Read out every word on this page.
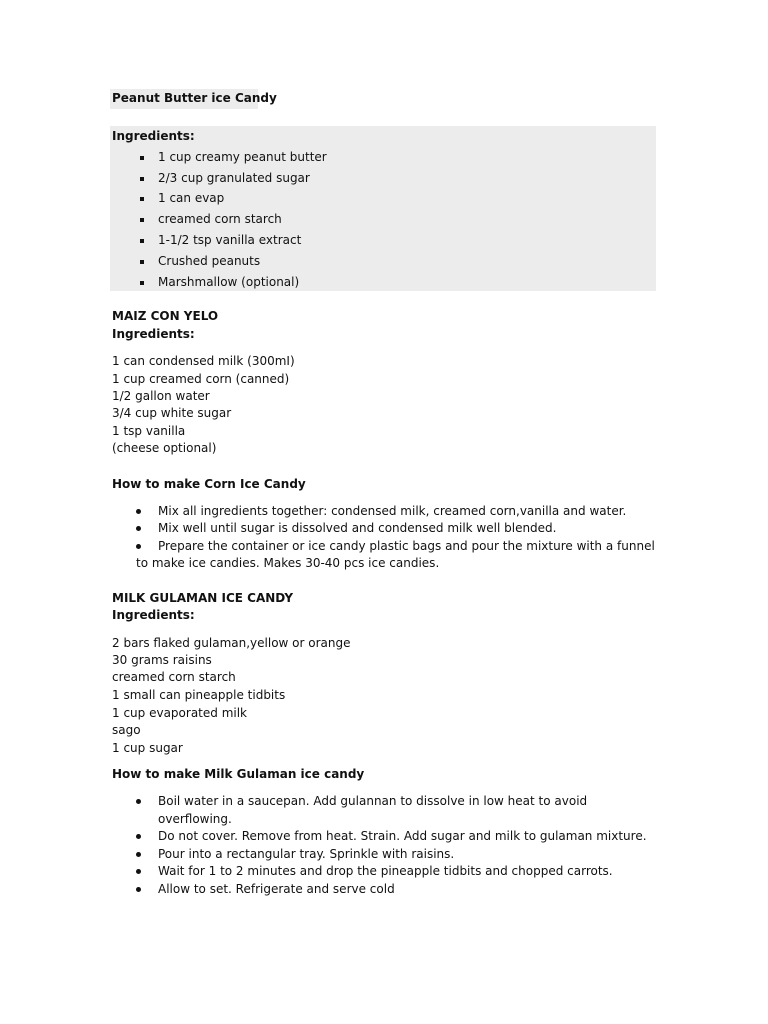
Peanut Butter ice Candy
Ingredients:
1 cup creamy peanut butter
2/3 cup granulated sugar
1 can evap
creamed corn starch
1-1/2 tsp vanilla extract
Crushed peanuts
Marshmallow (optional)
MAIZ CON YELO
Ingredients:
1 can condensed milk (300mI)
1 cup creamed corn (canned)
1/2 gallon water
3/4 cup white sugar
1 tsp vanilla
(cheese optional)
How to make Corn Ice Candy
Mix all ingredients together: condensed milk, creamed corn,vanilla and water.
Mix well until sugar is dissolved and condensed milk well blended.
Prepare the container or ice candy plastic bags and pour the mixture with a funnel
to make ice candies. Makes 30-40 pcs ice candies.
MILK GULAMAN ICE CANDY
Ingredients:
2 bars flaked gulaman,yellow or orange
30 grams raisins
creamed corn starch
1 small can pineapple tidbits
1 cup evaporated milk
sago
1 cup sugar
How to make Milk Gulaman ice candy
Boil water in a saucepan. Add gulannan to dissolve in low heat to avoid
overflowing.
Do not cover. Remove from heat. Strain. Add sugar and milk to gulaman mixture.
Pour into a rectangular tray. Sprinkle with raisins.
Wait for 1 to 2 minutes and drop the pineapple tidbits and chopped carrots.
Allow to set. Refrigerate and serve cold
